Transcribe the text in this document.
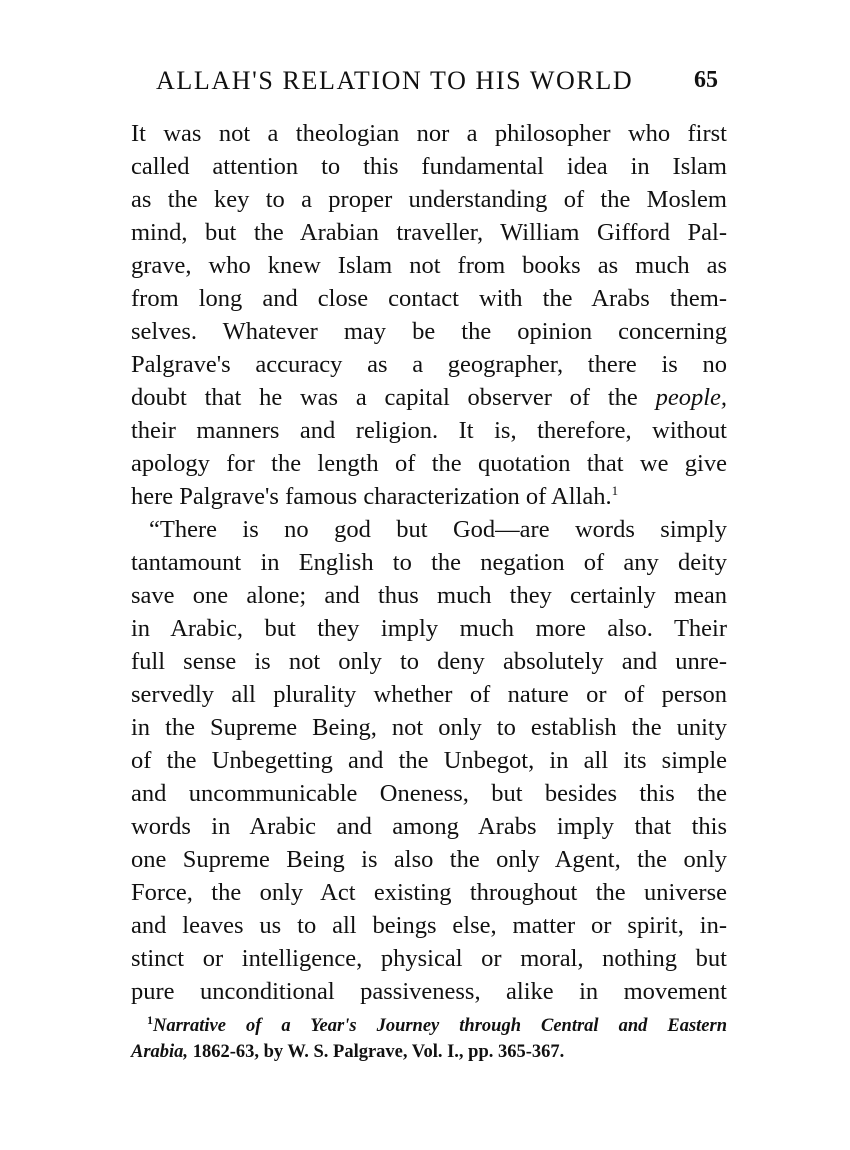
ALLAH'S RELATION TO HIS WORLD	65
It was not a theologian nor a philosopher who first
called attention to this fundamental idea in Islam
as the key to a proper understanding of the Moslem
mind, but the Arabian traveller, William Gifford Pal-
grave, who knew Islam not from books as much as
from long and close contact with the Arabs them-
selves. Whatever may be the opinion concerning
Palgrave's accuracy as a geographer, there is no
doubt that he was a capital observer of the people,
their manners and religion. It is, therefore, without
apology for the length of the quotation that we give
here Palgrave's famous characterization of Allah.$^1$
“There is no god but God—are words simply
tantamount in English to the negation of any deity
save one alone; and thus much they certainly mean
in Arabic, but they imply much more also. Their
full sense is not only to deny absolutely and unre-
servedly all plurality whether of nature or of person
in the Supreme Being, not only to establish the unity
of the Unbegetting and the Unbegot, in all its simple
and uncommunicable Oneness, but besides this the
words in Arabic and among Arabs imply that this
one Supreme Being is also the only Agent, the only
Force, the only Act existing throughout the universe
and leaves us to all beings else, matter or spirit, in-
stinct or intelligence, physical or moral, nothing but
pure unconditional passiveness, alike in movement
$^1$Narrative of a Year's Journey through Central and Eastern
Arabia, 1862-63, by W. S. Palgrave, Vol. I., pp. 365-367.
